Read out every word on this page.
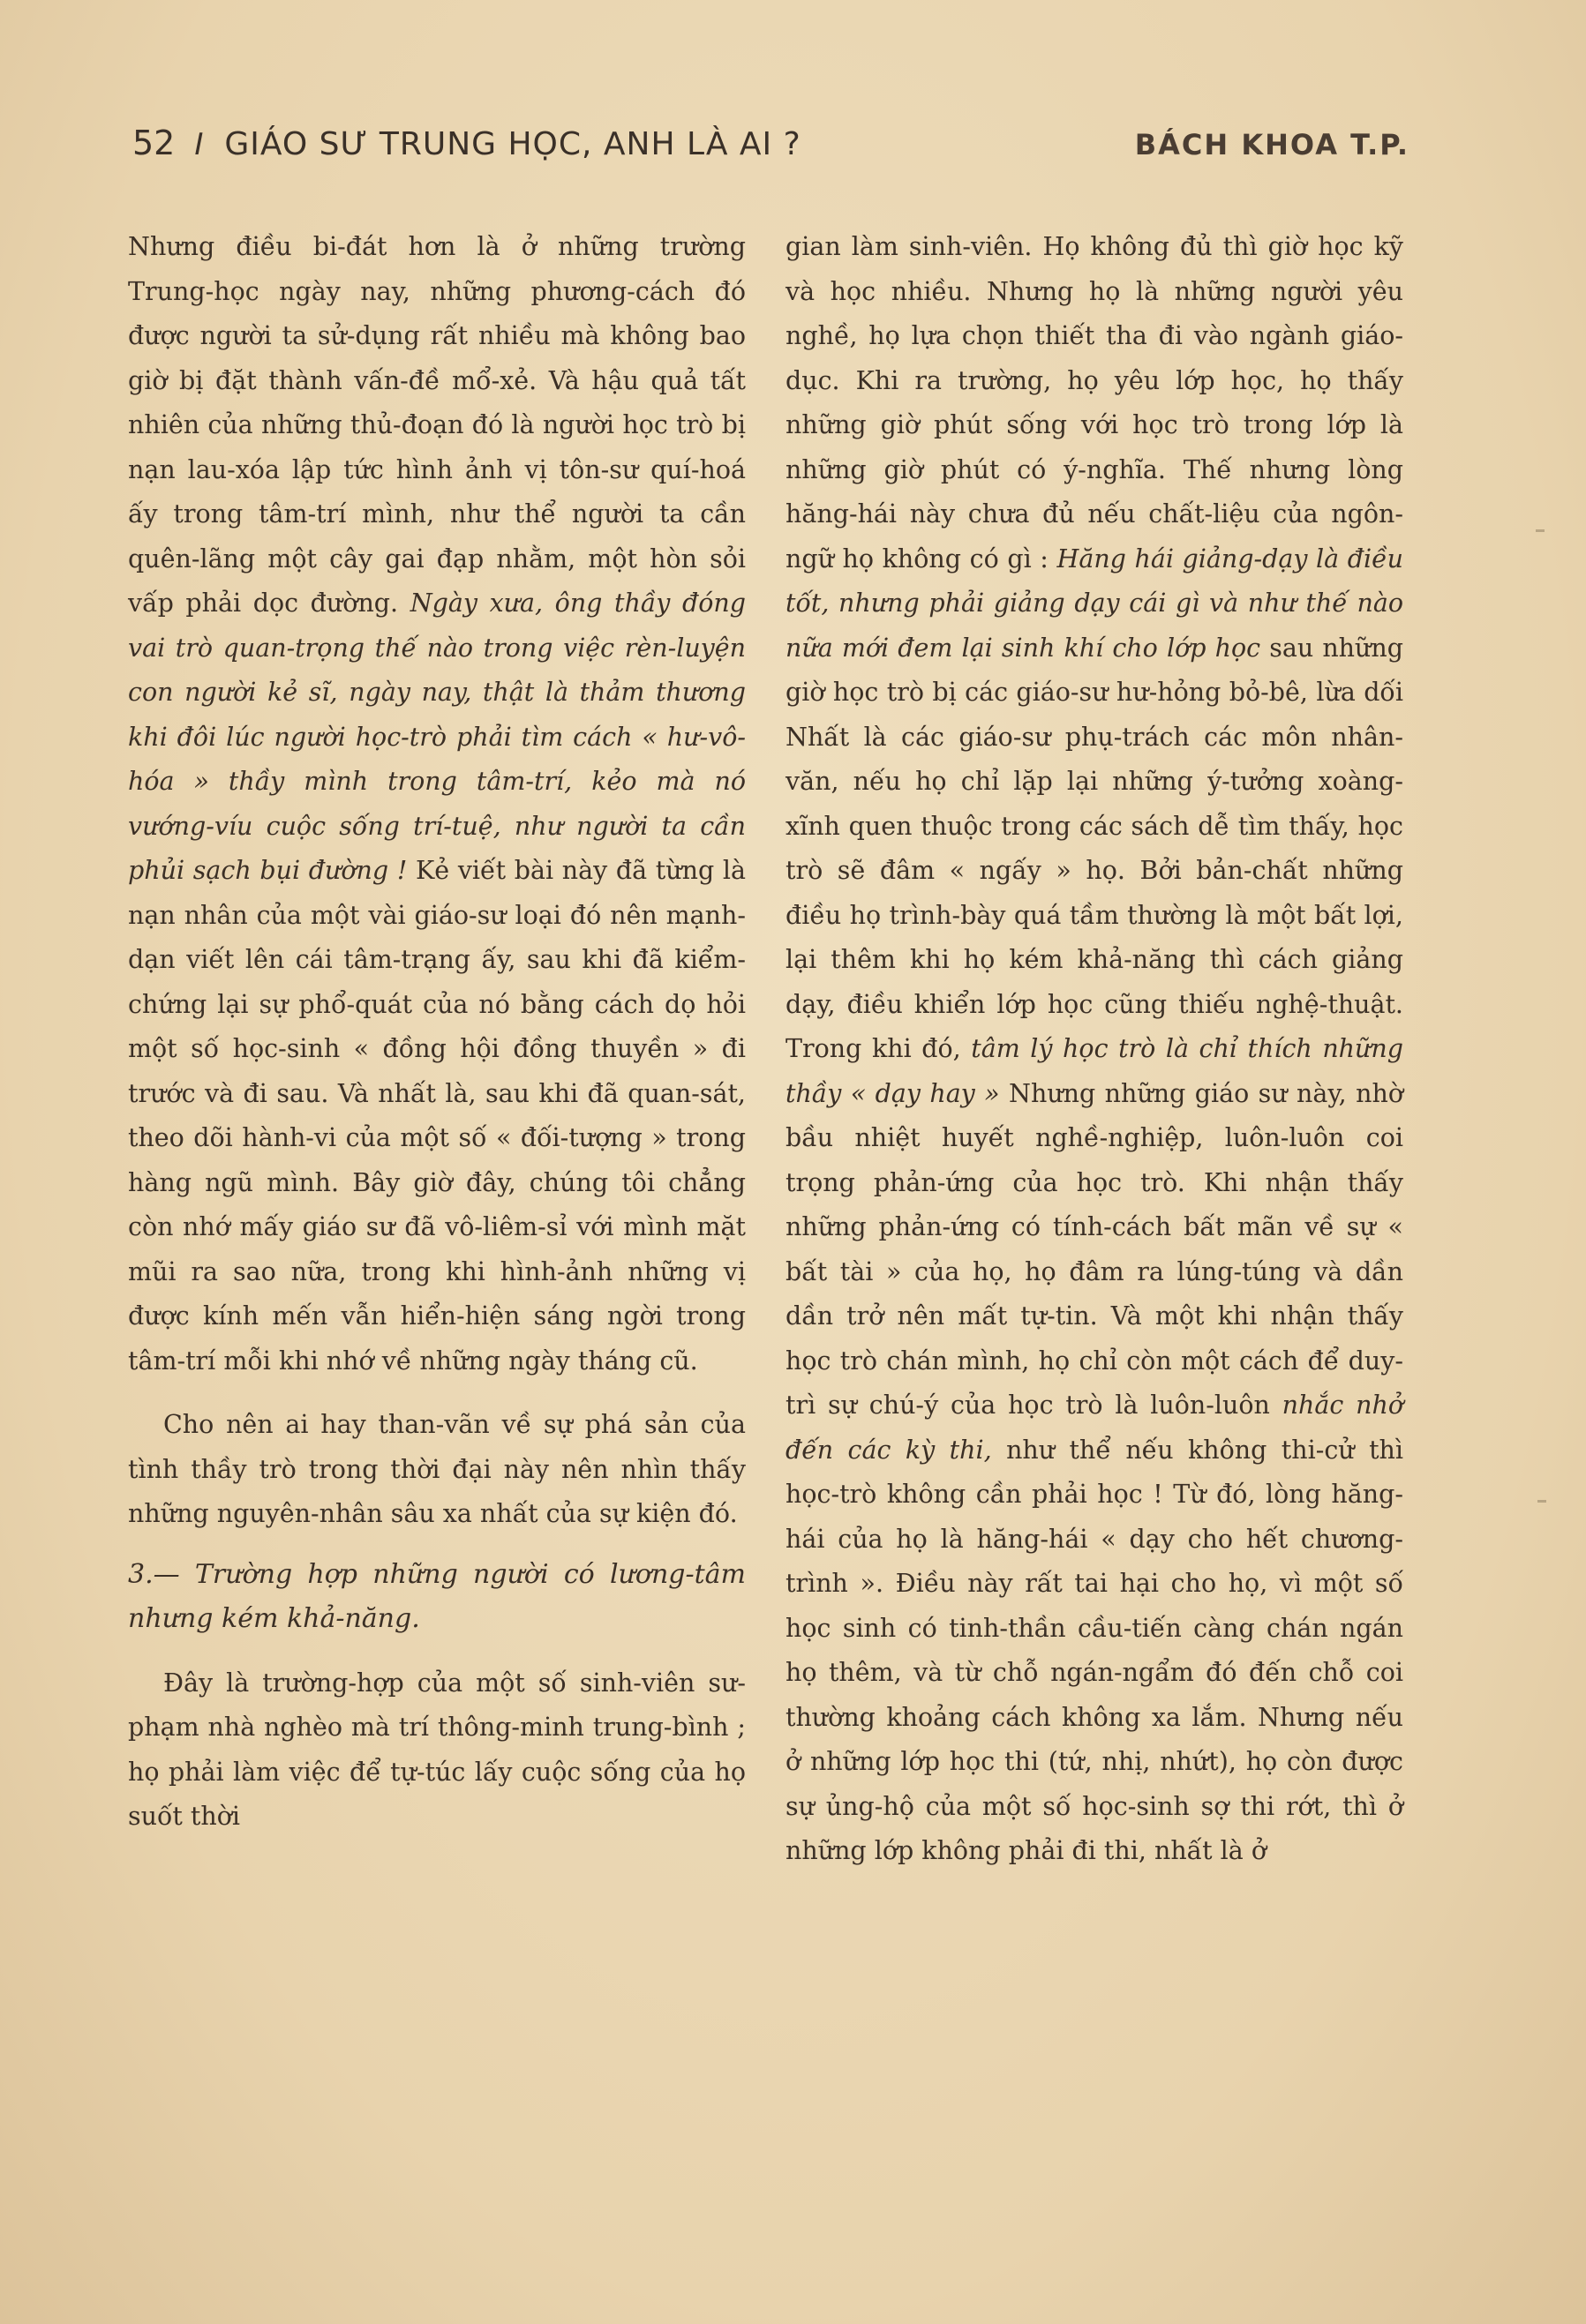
52 I GIÁO SƯ TRUNG HỌC, ANH LÀ AI ?	BÁCH KHOA T.P.

Nhưng điều bi-đát hơn là ở những trường Trung-học ngày nay, những phương-cách đó được người ta sử-dụng rất nhiều mà không bao giờ bị đặt thành vấn-đề mổ-xẻ. Và hậu quả tất nhiên của những thủ-đoạn đó là người học trò bị nạn lau-xóa lập tức hình ảnh vị tôn-sư quí-hoá ấy trong tâm-trí mình, như thể người ta cần quên-lãng một cây gai đạp nhằm, một hòn sỏi vấp phải dọc đường. Ngày xưa, ông thầy đóng vai trò quan-trọng thế nào trong việc rèn-luyện con người kẻ sĩ, ngày nay, thật là thảm thương khi đôi lúc người học-trò phải tìm cách « hư-vô-hóa » thầy mình trong tâm-trí, kẻo mà nó vướng-víu cuộc sống trí-tuệ, như người ta cần phủi sạch bụi đường ! Kẻ viết bài này đã từng là nạn nhân của một vài giáo-sư loại đó nên mạnh-dạn viết lên cái tâm-trạng ấy, sau khi đã kiểm-chứng lại sự phổ-quát của nó bằng cách dọ hỏi một số học-sinh « đồng hội đồng thuyền » đi trước và đi sau. Và nhất là, sau khi đã quan-sát, theo dõi hành-vi của một số « đối-tượng » trong hàng ngũ mình. Bây giờ đây, chúng tôi chẳng còn nhớ mấy giáo sư đã vô-liêm-sỉ với mình mặt mũi ra sao nữa, trong khi hình-ảnh những vị được kính mến vẫn hiển-hiện sáng ngời trong tâm-trí mỗi khi nhớ về những ngày tháng cũ.

Cho nên ai hay than-vãn về sự phá sản của tình thầy trò trong thời đại này nên nhìn thấy những nguyên-nhân sâu xa nhất của sự kiện đó.

3.— Trường hợp những người có lương-tâm nhưng kém khả-năng.

Đây là trường-hợp của một số sinh-viên sư-phạm nhà nghèo mà trí thông-minh trung-bình ; họ phải làm việc để tự-túc lấy cuộc sống của họ suốt thời

gian làm sinh-viên. Họ không đủ thì giờ học kỹ và học nhiều. Nhưng họ là những người yêu nghề, họ lựa chọn thiết tha đi vào ngành giáo-dục. Khi ra trường, họ yêu lớp học, họ thấy những giờ phút sống với học trò trong lớp là những giờ phút có ý-nghĩa. Thế nhưng lòng hăng-hái này chưa đủ nếu chất-liệu của ngôn-ngữ họ không có gì : Hăng hái giảng-dạy là điều tốt, nhưng phải giảng dạy cái gì và như thế nào nữa mới đem lại sinh khí cho lớp học sau những giờ học trò bị các giáo-sư hư-hỏng bỏ-bê, lừa dối Nhất là các giáo-sư phụ-trách các môn nhân-văn, nếu họ chỉ lặp lại những ý-tưởng xoàng-xĩnh quen thuộc trong các sách dễ tìm thấy, học trò sẽ đâm « ngấy » họ. Bởi bản-chất những điều họ trình-bày quá tầm thường là một bất lợi, lại thêm khi họ kém khả-năng thì cách giảng dạy, điều khiển lớp học cũng thiếu nghệ-thuật. Trong khi đó, tâm lý học trò là chỉ thích những thầy « dạy hay » Nhưng những giáo sư này, nhờ bầu nhiệt huyết nghề-nghiệp, luôn-luôn coi trọng phản-ứng của học trò. Khi nhận thấy những phản-ứng có tính-cách bất mãn về sự « bất tài » của họ, họ đâm ra lúng-túng và dần dần trở nên mất tự-tin. Và một khi nhận thấy học trò chán mình, họ chỉ còn một cách để duy-trì sự chú-ý của học trò là luôn-luôn nhắc nhở đến các kỳ thi, như thể nếu không thi-cử thì học-trò không cần phải học ! Từ đó, lòng hăng-hái của họ là hăng-hái « dạy cho hết chương-trình ». Điều này rất tai hại cho họ, vì một số học sinh có tinh-thần cầu-tiến càng chán ngán họ thêm, và từ chỗ ngán-ngẩm đó đến chỗ coi thường khoảng cách không xa lắm. Nhưng nếu ở những lớp học thi (tứ, nhị, nhứt), họ còn được sự ủng-hộ của một số học-sinh sợ thi rớt, thì ở những lớp không phải đi thi, nhất là ở
